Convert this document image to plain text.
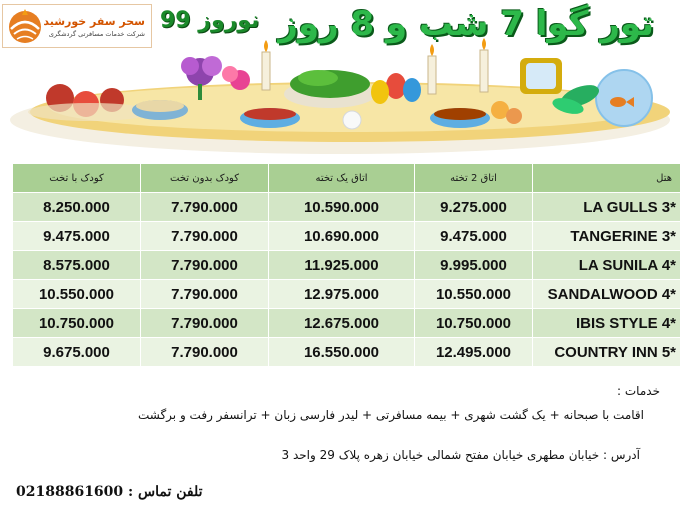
سحر سفر خورشید
شرکت خدمات مسافرتی گردشگری
نوروز 99 تور گوا 7 شب و 8 روز
کودک با تخت	کودک بدون تخت	اتاق یک تخته	اتاق 2 تخته	هتل
8.250.000	7.790.000	10.590.000	9.275.000	LA GULLS 3*
9.475.000	7.790.000	10.690.000	9.475.000	TANGERINE 3*
8.575.000	7.790.000	11.925.000	9.995.000	LA SUNILA 4*
10.550.000	7.790.000	12.975.000	10.550.000	SANDALWOOD 4*
10.750.000	7.790.000	12.675.000	10.750.000	IBIS STYLE 4*
9.675.000	7.790.000	16.550.000	12.495.000	COUNTRY INN 5*
خدمات :
اقامت با صبحانه + یک گشت شهری + بیمه مسافرتی + لیدر فارسی زبان + ترانسفر رفت و برگشت
آدرس : خیابان مطهری خیابان مفتح شمالی خیابان زهره پلاک 29 واحد 3
تلفن تماس :
02188861600
